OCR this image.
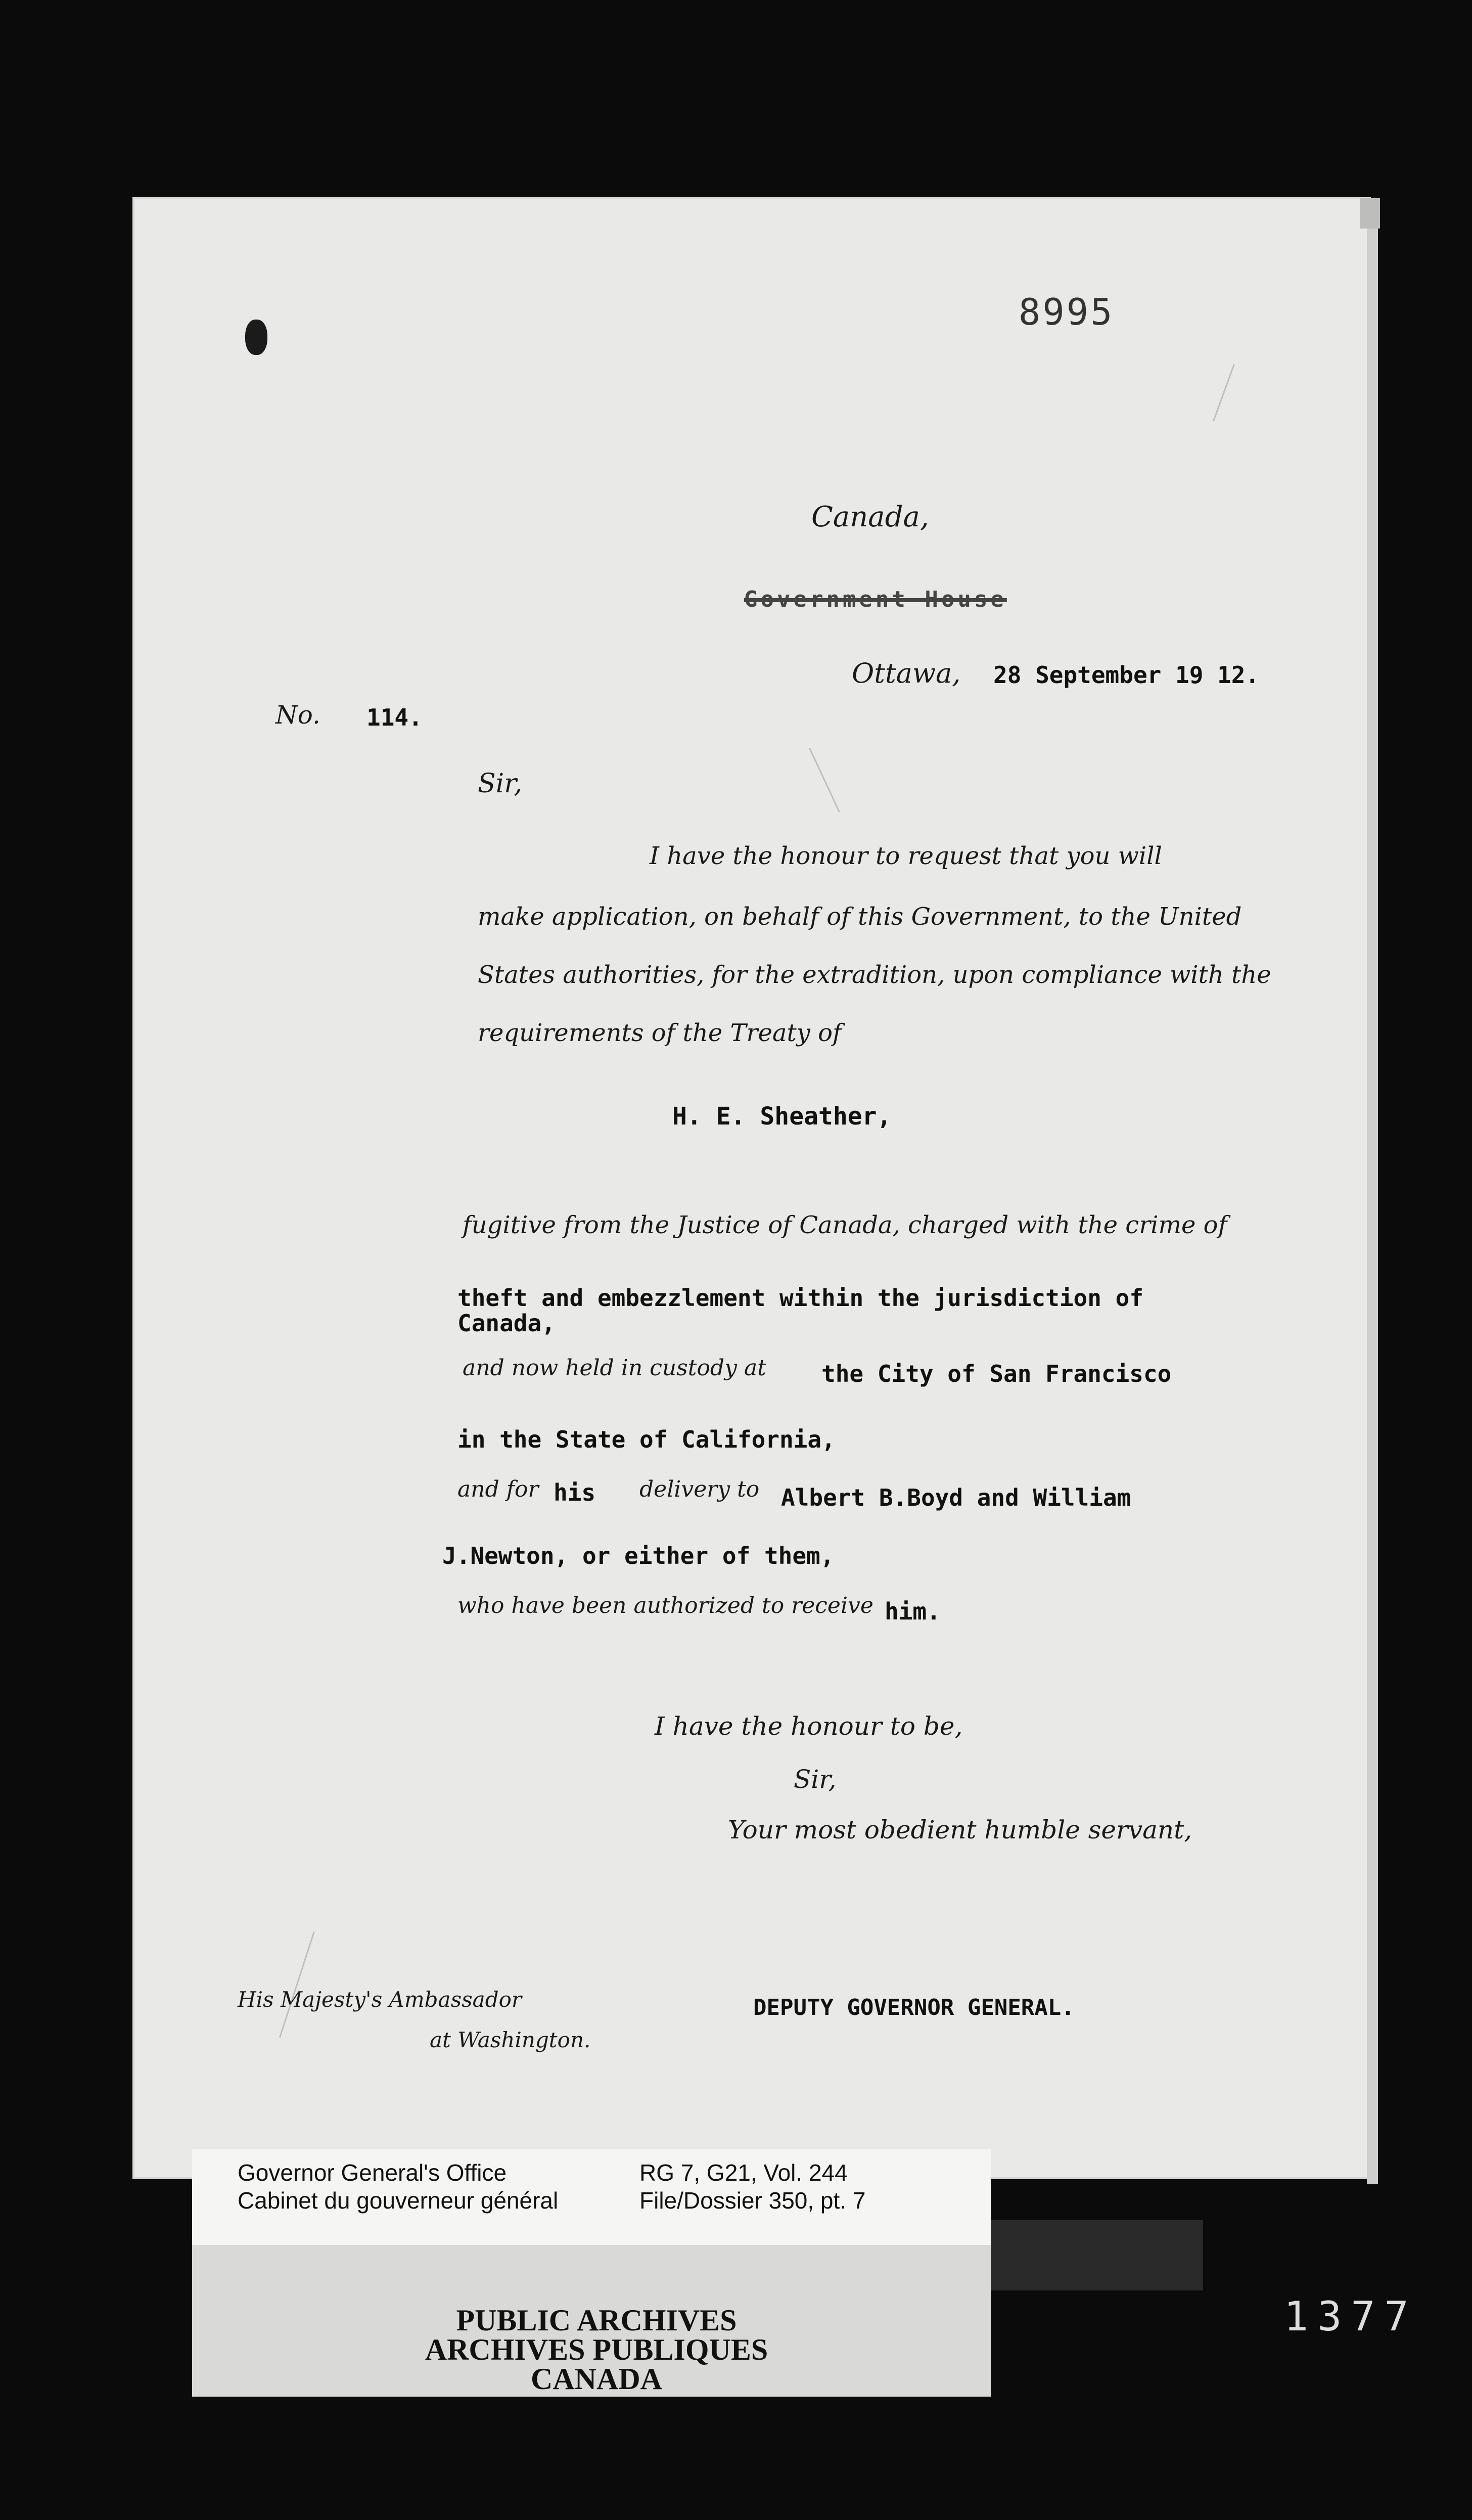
8995
Canada,
Government House
Ottawa, 28 September 19 12.
No. 114.
Sir,
I have the honour to request that you will
make application, on behalf of this Government, to the United
States authorities, for the extradition, upon compliance with the
requirements of the Treaty of
H. E. Sheather,
fugitive from the Justice of Canada, charged with the crime of
theft and embezzlement within the jurisdiction of
Canada,
and now held in custody at the City of San Francisco
in the State of California,
and for his delivery to Albert B.Boyd and William
J.Newton, or either of them,
who have been authorized to receive him.
I have the honour to be,
Sir,
Your most obedient humble servant,
His Majesty's Ambassador
at Washington.
DEPUTY GOVERNOR GENERAL.
Governor General's Office
Cabinet du gouverneur général
RG 7, G21, Vol. 244
File/Dossier 350, pt. 7
PUBLIC ARCHIVES
ARCHIVES PUBLIQUES
CANADA
1377
